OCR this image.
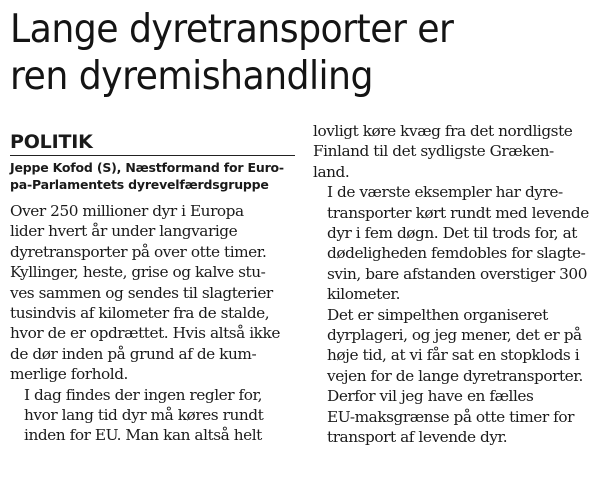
Lange dyretransporter er
ren dyremishandling
POLITIK
Jeppe Kofod (S), Næstformand for Euro-
pa-Parlamentets dyrevelfærdsgruppe

Over 250 millioner dyr i Europa
lider hvert år under langvarige
dyretransporter på over otte timer.
Kyllinger, heste, grise og kalve stu-
ves sammen og sendes til slagterier
tusindvis af kilometer fra de stalde,
hvor de er opdrættet. Hvis altså ikke
de dør inden på grund af de kum-
merlige forhold.

I dag findes der ingen regler for,
hvor lang tid dyr må køres rundt
inden for EU. Man kan altså helt

lovligt køre kvæg fra det nordligste
Finland til det sydligste Græken-
land.

I de værste eksempler har dyre-
transporter kørt rundt med levende
dyr i fem døgn. Det til trods for, at
dødeligheden femdobles for slagte-
svin, bare afstanden overstiger 300
kilometer.

Det er simpelthen organiseret
dyrplageri, og jeg mener, det er på
høje tid, at vi får sat en stopklods i
vejen for de lange dyretransporter.

Derfor vil jeg have en fælles
EU-maksgrænse på otte timer for
transport af levende dyr.
